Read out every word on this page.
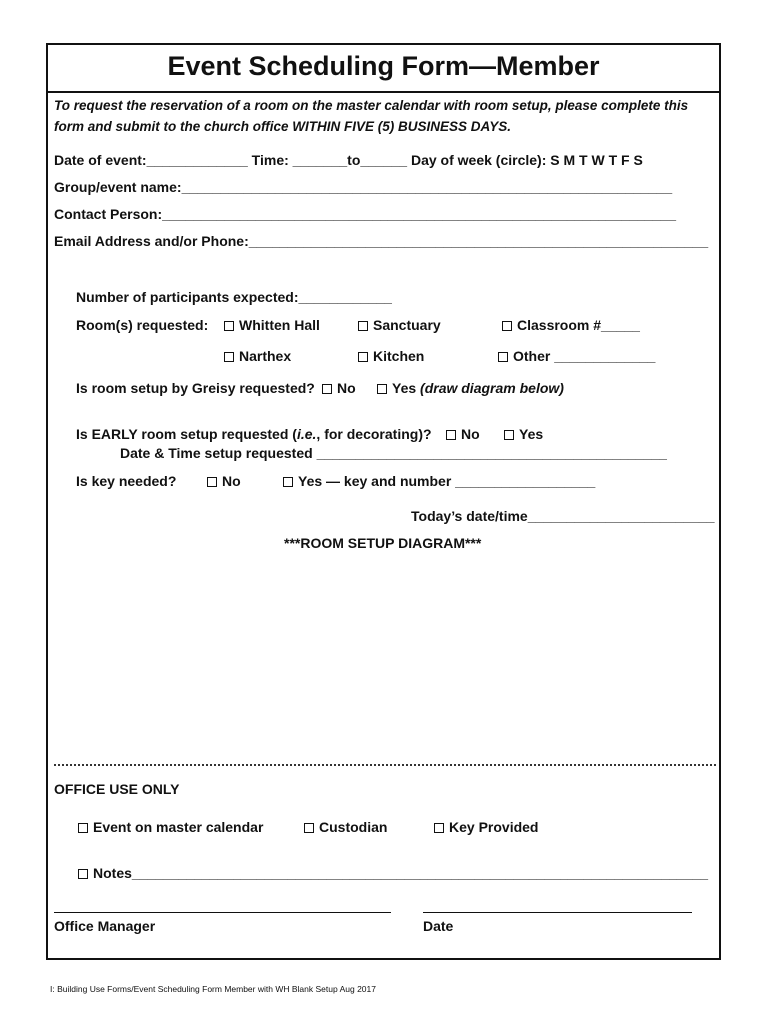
Event Scheduling Form—Member
To request the reservation of a room on the master calendar with room setup, please complete this
form and submit to the church office WITHIN FIVE (5) BUSINESS DAYS.
Date of event:_____________ Time: _______to______ Day of week (circle): S M T W T F S
Group/event name:_______________________________________________________________
Contact Person:__________________________________________________________________
Email Address and/or Phone:___________________________________________________________
Number of participants expected:____________
Room(s) requested:	Whitten Hall	Sanctuary	Classroom #_____
Narthex	Kitchen	Other _____________
Is room setup by Greisy requested?	No	Yes (draw diagram below)
Is EARLY room setup requested (i.e., for decorating)?	No	Yes
Date & Time setup requested _____________________________________________
Is key needed?	No	Yes — key and number __________________
Today’s date/time________________________
***ROOM SETUP DIAGRAM***
OFFICE USE ONLY
Event on master calendar	Custodian	Key Provided
Notes__________________________________________________________________________
Office Manager	Date
I: Building Use Forms/Event Scheduling Form Member with WH Blank Setup Aug 2017
